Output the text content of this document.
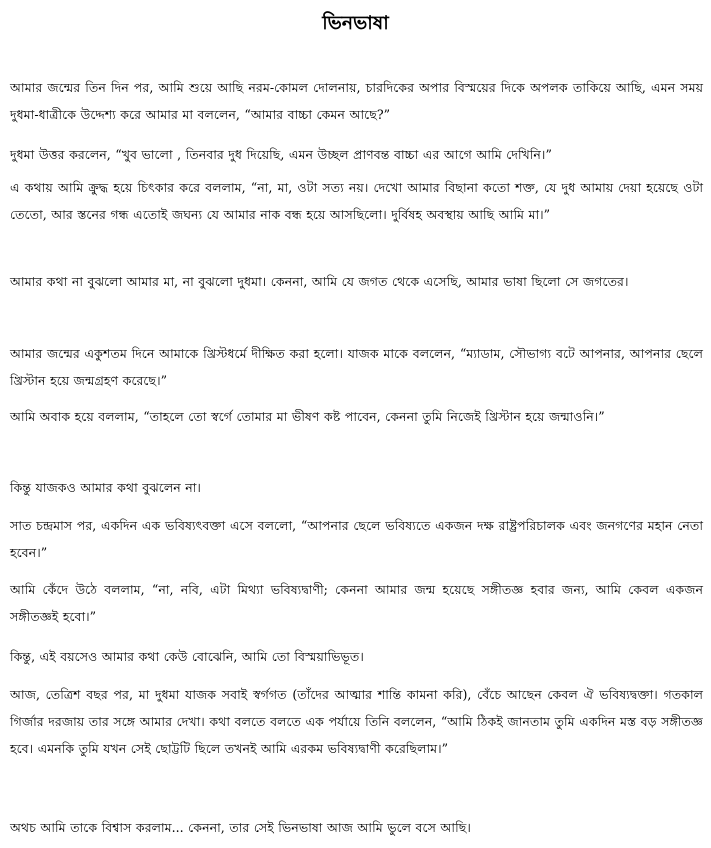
ভিনভাষা
আমার জন্মের তিন দিন পর, আমি শুয়ে আছি নরম-কোমল দোলনায়, চারদিকের অপার বিস্ময়ের দিকে অপলক তাকিয়ে আছি, এমন সময় দুধমা-ধাত্রীকে উদ্দেশ্য করে আমার মা বললেন, “আমার বাচ্চা কেমন আছে?”
দুধমা উত্তর করলেন, “খুব ভালো , তিনবার দুধ দিয়েছি, এমন উচ্ছল প্রাণবন্ত বাচ্চা এর আগে আমি দেখিনি।”
এ কথায় আমি ক্রুদ্ধ হয়ে চিৎকার করে বললাম, “না, মা, ওটা সত্য নয়। দেখো আমার বিছানা কতো শক্ত, যে দুধ আমায় দেয়া হয়েছে ওটা তেতো, আর স্তনের গন্ধ এতোই জঘন্য যে আমার নাক বন্ধ হয়ে আসছিলো। দুর্বিষহ অবস্থায় আছি আমি মা।”
আমার কথা না বুঝলো আমার মা, না বুঝলো দুধমা। কেননা, আমি যে জগত থেকে এসেছি, আমার ভাষা ছিলো সে জগতের।
আমার জন্মের একুশতম দিনে আমাকে খ্রিস্টধর্মে দীক্ষিত করা হলো। যাজক মাকে বললেন, “ম্যাডাম, সৌভাগ্য বটে আপনার, আপনার ছেলে খ্রিস্টান হয়ে জন্মগ্রহণ করেছে।”
আমি অবাক হয়ে বললাম, “তাহলে তো স্বর্গে তোমার মা ভীষণ কষ্ট পাবেন, কেননা তুমি নিজেই খ্রিস্টান হয়ে জন্মাওনি।”
কিন্তু যাজকও আমার কথা বুঝলেন না।
সাত চন্দ্রমাস পর, একদিন এক ভবিষ্যৎবক্তা এসে বললো, “আপনার ছেলে ভবিষ্যতে একজন দক্ষ রাষ্ট্রপরিচালক এবং জনগণের মহান নেতা হবেন।”
আমি কেঁদে উঠে বললাম, “না, নবি, এটা মিথ্যা ভবিষ্যদ্বাণী; কেননা আমার জন্ম হয়েছে সঙ্গীতজ্ঞ হবার জন্য, আমি কেবল একজন সঙ্গীতজ্ঞই হবো।”
কিন্তু, এই বয়সেও আমার কথা কেউ বোঝেনি, আমি তো বিস্ময়াভিভূত।
আজ, তেত্রিশ বছর পর, মা দুধমা যাজক সবাই স্বর্গগত (তাঁদের আত্মার শান্তি কামনা করি), বেঁচে আছেন কেবল ঐ ভবিষ্যদ্বক্তা। গতকাল গির্জার দরজায় তার সঙ্গে আমার দেখা। কথা বলতে বলতে এক পর্যায়ে তিনি বললেন, “আমি ঠিকই জানতাম তুমি একদিন মস্ত বড় সঙ্গীতজ্ঞ হবে। এমনকি তুমি যখন সেই ছোট্টটি ছিলে তখনই আমি এরকম ভবিষ্যদ্বাণী করেছিলাম।”
অথচ আমি তাকে বিশ্বাস করলাম... কেননা, তার সেই ভিনভাষা আজ আমি ভুলে বসে আছি।
